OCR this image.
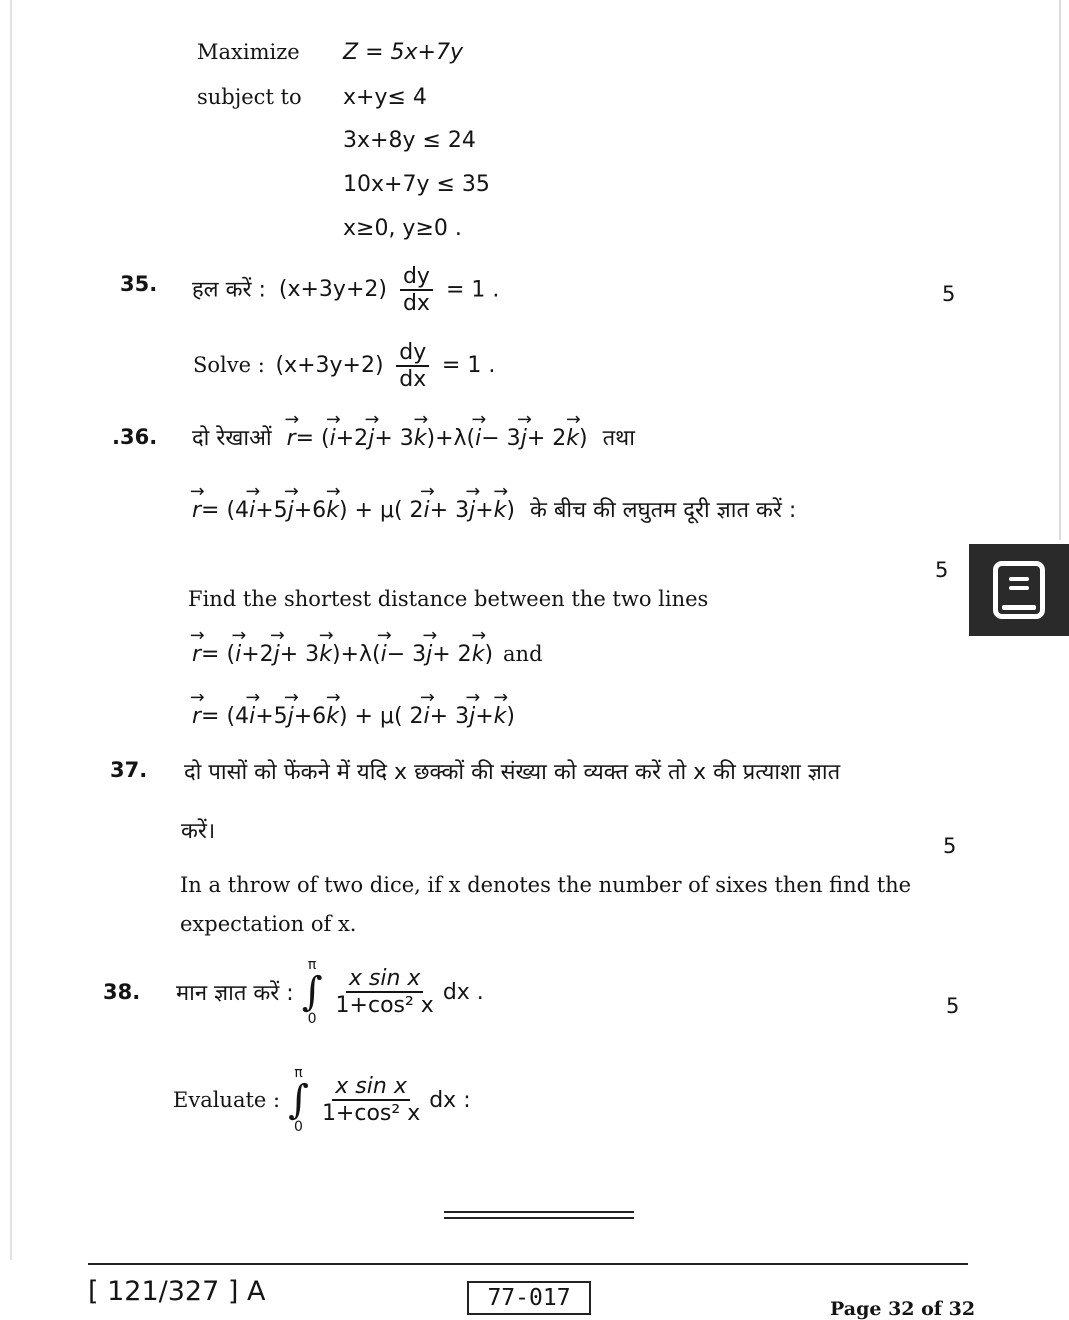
Maximize Z = 5x+7y
subject to x+y≤ 4
3x+8y ≤ 24
10x+7y ≤ 35
x≥0, y≥0 .
35. हल करें : $(x+3y+2) \frac{dy}{dx} = 1$ .	5
Solve : $(x+3y+2) \frac{dy}{dx} = 1$ .
.36. दो रेखाओं → r= (→ i+2→ j+ 3→ k)+λ(→ i− 3→ j+ 2→ k) तथा
→ r= (4→ i+5→ j+6→ k) + μ( 2→ i+ 3→ j+→ k) के बीच की लघुतम दूरी ज्ञात करें :
5
Find the shortest distance between the two lines
→ r= (→ i+2→ j+ 3→ k)+λ(→ i− 3→ j+ 2→ k) and
→ r= (4→ i+5→ j+6→ k) + μ( 2→ i+ 3→ j+→ k)
37. दो पासों को फेंकने में यदि x छक्कों की संख्या को व्यक्त करें तो x की प्रत्याशा ज्ञात
करें।
5
In a throw of two dice, if x denotes the number of sixes then find the
expectation of x.
38. मान ज्ञात करें :
π
∫
0
$\frac{\text{x sin x}}{\text{1+cos² x}}$ dx .
5
Evaluate :
π
∫
0
$\frac{\text{x sin x}}{\text{1+cos² x}}$ dx :
[ 121/327 ] A	77-017	Page 32 of 32
